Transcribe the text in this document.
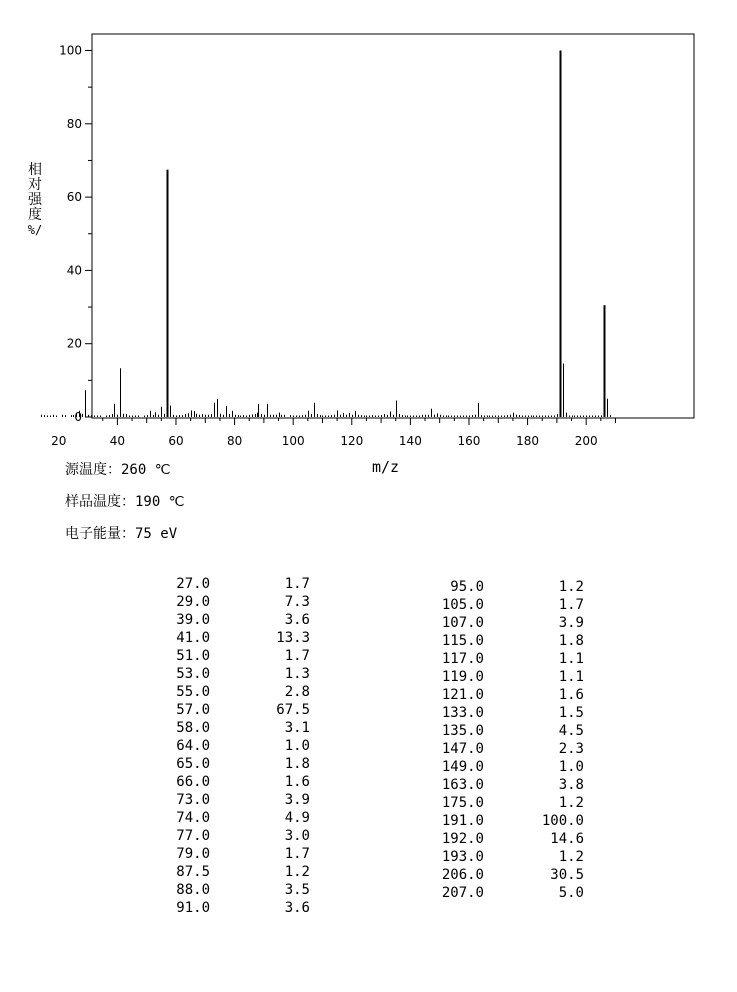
20	40	60	80	100	120	140	160	180	200
0
20
40
60
80
100
相
对
强
度
%/
m/z
源温度：260 ℃
样品温度：190 ℃
电子能量：75 eV
27.0	1.7
29.0	7.3
39.0	3.6
41.0	13.3
51.0	1.7
53.0	1.3
55.0	2.8
57.0	67.5
58.0	3.1
64.0	1.0
65.0	1.8
66.0	1.6
73.0	3.9
74.0	4.9
77.0	3.0
79.0	1.7
87.5	1.2
88.0	3.5
91.0	3.6
95.0	1.2
105.0	1.7
107.0	3.9
115.0	1.8
117.0	1.1
119.0	1.1
121.0	1.6
133.0	1.5
135.0	4.5
147.0	2.3
149.0	1.0
163.0	3.8
175.0	1.2
191.0	100.0
192.0	14.6
193.0	1.2
206.0	30.5
207.0	5.0
